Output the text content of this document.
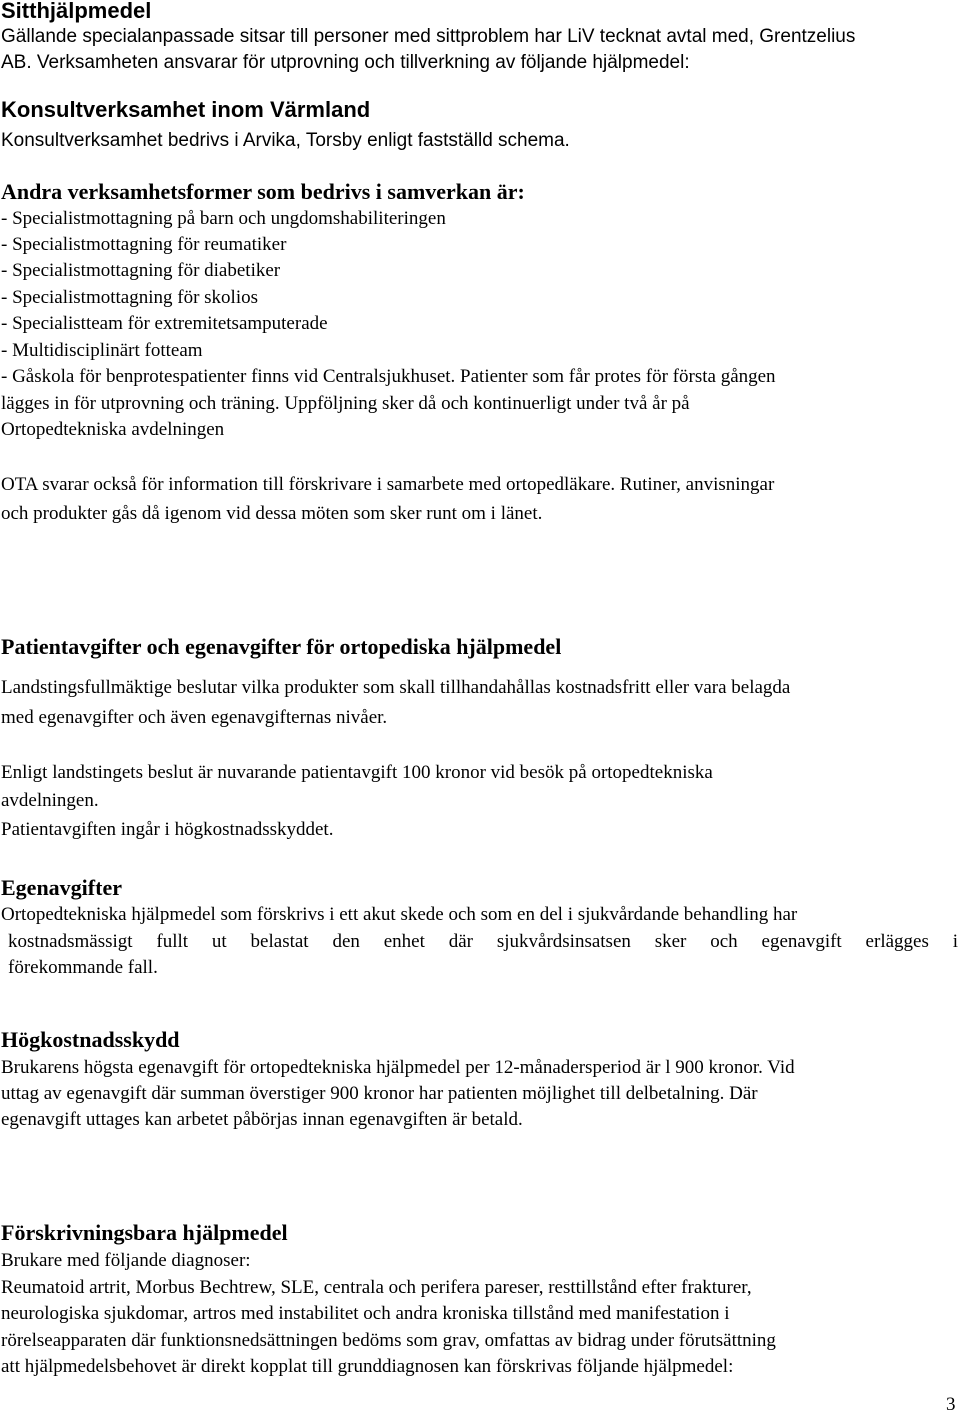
Sitthjälpmedel
Gällande specialanpassade sitsar till personer med sittproblem har LiV tecknat avtal med, Grentzelius
AB. Verksamheten ansvarar för utprovning och tillverkning av följande hjälpmedel:
Konsultverksamhet inom Värmland
Konsultverksamhet bedrivs i Arvika, Torsby enligt fastställd schema.
Andra verksamhetsformer som bedrivs i samverkan är:
- Specialistmottagning på barn och ungdomshabiliteringen
- Specialistmottagning för reumatiker
- Specialistmottagning för diabetiker
- Specialistmottagning för skolios
- Specialistteam för extremitetsamputerade
- Multidisciplinärt fotteam
- Gåskola för benprotespatienter finns vid Centralsjukhuset. Patienter som får protes för första gången
lägges in för utprovning och träning. Uppföljning sker då och kontinuerligt under två år på
Ortopedtekniska avdelningen
OTA svarar också för information till förskrivare i samarbete med ortopedläkare. Rutiner, anvisningar
och produkter gås då igenom vid dessa möten som sker runt om i länet.
Patientavgifter och egenavgifter för ortopediska hjälpmedel
Landstingsfullmäktige beslutar vilka produkter som skall tillhandahållas kostnadsfritt eller vara belagda
med egenavgifter och även egenavgifternas nivåer.
Enligt landstingets beslut är nuvarande patientavgift 100 kronor vid besök på ortopedtekniska
avdelningen.
Patientavgiften ingår i högkostnadsskyddet.
Egenavgifter
Ortopedtekniska hjälpmedel som förskrivs i ett akut skede och som en del i sjukvårdande behandling har
kostnadsmässigt fullt ut belastat den enhet där sjukvårdsinsatsen sker och egenavgift erlägges i
förekommande fall.
Högkostnadsskydd
Brukarens högsta egenavgift för ortopedtekniska hjälpmedel per 12-månadersperiod är l 900 kronor. Vid
uttag av egenavgift där summan överstiger 900 kronor har patienten möjlighet till delbetalning. Där
egenavgift uttages kan arbetet påbörjas innan egenavgiften är betald.
Förskrivningsbara hjälpmedel
Brukare med följande diagnoser:
Reumatoid artrit, Morbus Bechtrew, SLE, centrala och perifera pareser, resttillstånd efter frakturer,
neurologiska sjukdomar, artros med instabilitet och andra kroniska tillstånd med manifestation i
rörelseapparaten där funktionsnedsättningen bedöms som grav, omfattas av bidrag under förutsättning
att hjälpmedelsbehovet är direkt kopplat till grunddiagnosen kan förskrivas följande hjälpmedel:
3
